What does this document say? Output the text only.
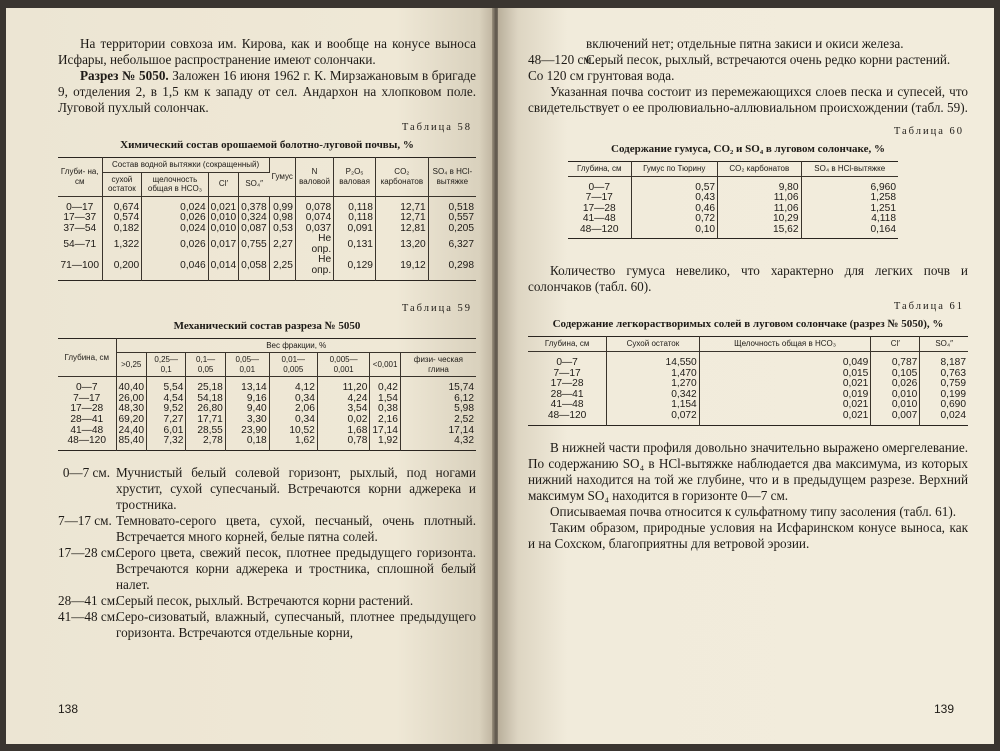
На территории совхоза им. Кирова, как и вообще на конусе выноса Исфары, небольшое распространение имеют солончаки.

Разрез № 5050. Заложен 16 июня 1962 г. К. Мирзажановым в бригаде 9, отделения 2, в 1,5 км к западу от сел. Андархон на хлопковом поле. Луговой пухлый солончак.

Таблица 58
Химический состав орошаемой болотно-луговой почвы, %
Глуби- на, см	Состав водной вытяжки (сокращенный)				Гумус	N валовой	P₂O₅ валовая	CO₂ карбонатов	SO₄ в HCl-вытяжке
	сухой остаток	щелочность общая в HCO₃	Cl′	SO₄″					
0—17	0,674	0,024	0,021	0,378	0,99	0,078	0,118	12,71	0,518
17—37	0,574	0,026	0,010	0,324	0,98	0,074	0,118	12,71	0,557
37—54	0,182	0,024	0,010	0,087	0,53	0,037	0,091	12,81	0,205
54—71	1,322	0,026	0,017	0,755	2,27	Не опр.	0,131	13,20	6,327
71—100	0,200	0,046	0,014	0,058	2,25	Не опр.	0,129	19,12	0,298
Таблица 59
Механический состав разреза № 5050
Глубина, см	Вес фракции, %							
	>0,25	0,25—0,1	0,1—0,05	0,05—0,01	0,01—0,005	0,005—0,001	<0,001	физи- ческая глина
0—7	40,40	5,54	25,18	13,14	4,12	11,20	0,42	15,74
7—17	26,00	4,54	54,18	9,16	0,34	4,24	1,54	6,12
17—28	48,30	9,52	26,80	9,40	2,06	3,54	0,38	5,98
28—41	69,20	7,27	17,71	3,30	0,34	0,02	2,16	2,52
41—48	24,40	6,01	28,55	23,90	10,52	1,68	17,14	17,14
48—120	85,40	7,32	2,78	0,18	1,62	0,78	1,92	4,32
0—7 см. Мучнистый белый солевой горизонт, рыхлый, под ногами хрустит, сухой супесчаный. Встречаются корни аджерека и тростника.
7—17 см. Темновато-серого цвета, сухой, песчаный, очень плотный. Встречается много корней, белые пятна солей.
17—28 см.
Серого цвета, свежий песок, плотнее предыдущего горизонта. Встречаются корни аджерека и тростника, сплошной белый налет.
28—41 см.
Серый песок, рыхлый. Встречаются корни растений.
41—48 см.
Серо-сизоватый, влажный, супесчаный, плотнее предыдущего горизонта. Встречаются отдельные корни,
138
включений нет; отдельные пятна закиси и окиси железа.
48—120 см.
Серый песок, рыхлый, встречаются очень редко корни растений.

Со 120 см грунтовая вода.

Указанная почва состоит из перемежающихся слоев песка и супесей, что свидетельствует о ее пролювиально-аллювиальном происхождении (табл. 59).

Таблица 60
Содержание гумуса, CO₂ и SO₄ в луговом солончаке, %
Глубина, см	Гумус по Тюрину	CO₂ карбонатов	SO₄ в HCl-вытяжке
0—7	0,57	9,80	6,960
7—17	0,43	11,06	1,258
17—28	0,46	11,06	1,251
41—48	0,72	10,29	4,118
48—120	0,10	15,62	0,164

Количество гумуса невелико, что характерно для легких почв и солончаков (табл. 60).

Таблица 61
Содержание легкорастворимых солей в луговом солончаке (разрез № 5050), %
Глубина, см	Сухой остаток	Щелочность общая в HCO₃	Cl′	SO₄″
0—7	14,550	0,049	0,787	8,187
7—17	1,470	0,015	0,105	0,763
17—28	1,270	0,021	0,026	0,759
28—41	0,342	0,019	0,010	0,199
41—48	1,154	0,021	0,010	0,690
48—120	0,072	0,021	0,007	0,024

В нижней части профиля довольно значительно выражено омергелевание. По содержанию SO₄ в HCl-вытяжке наблюдается два максимума, из которых нижний находится на той же глубине, что и в предыдущем разрезе. Верхний максимум SO₄ находится в горизонте 0—7 см.

Описываемая почва относится к сульфатному типу засоления (табл. 61).

Таким образом, природные условия на Исфаринском конусе выноса, как и на Сохском, благоприятны для ветровой эрозии.

139
